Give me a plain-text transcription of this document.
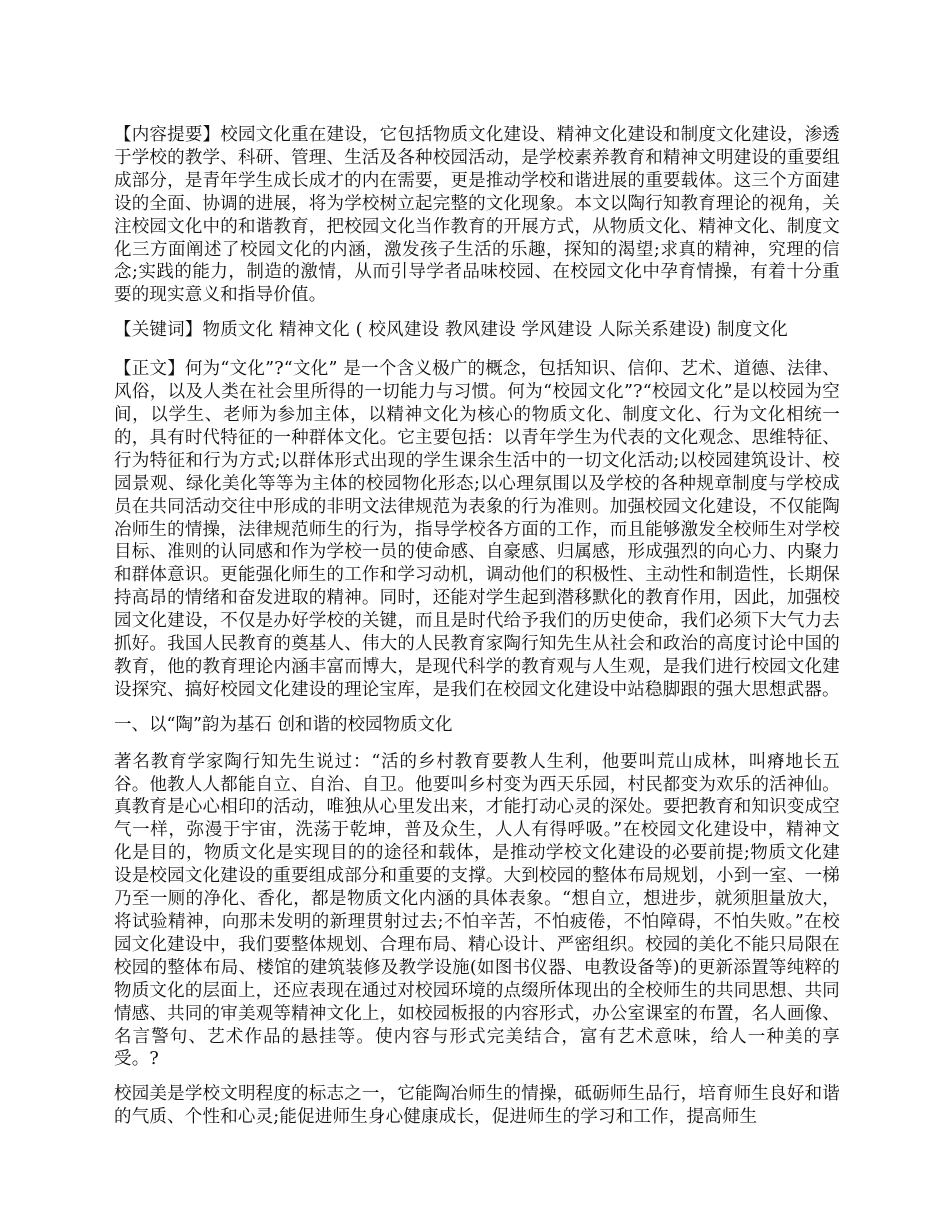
【内容提要】校园文化重在建设，它包括物质文化建设、精神文化建设和制度文化建设，渗透于学校的教学、科研、管理、生活及各种校园活动，是学校素养教育和精神文明建设的重要组成部分，是青年学生成长成才的内在需要，更是推动学校和谐进展的重要载体。这三个方面建设的全面、协调的进展，将为学校树立起完整的文化现象。本文以陶行知教育理论的视角，关注校园文化中的和谐教育，把校园文化当作教育的开展方式，从物质文化、精神文化、制度文化三方面阐述了校园文化的内涵，激发孩子生活的乐趣，探知的渴望;求真的精神，究理的信念;实践的能力，制造的激情，从而引导学者品味校园、在校园文化中孕育情操，有着十分重要的现实意义和指导价值。

【关键词】物质文化 精神文化 ( 校风建设 教风建设 学风建设 人际关系建设) 制度文化

【正文】何为“文化”?“文化” 是一个含义极广的概念，包括知识、信仰、艺术、道德、法律、风俗，以及人类在社会里所得的一切能力与习惯。何为“校园文化”?“校园文化”是以校园为空间，以学生、老师为参加主体，以精神文化为核心的物质文化、制度文化、行为文化相统一的，具有时代特征的一种群体文化。它主要包括：以青年学生为代表的文化观念、思维特征、行为特征和行为方式;以群体形式出现的学生课余生活中的一切文化活动;以校园建筑设计、校园景观、绿化美化等等为主体的校园物化形态;以心理氛围以及学校的各种规章制度与学校成员在共同活动交往中形成的非明文法律规范为表象的行为准则。加强校园文化建设，不仅能陶冶师生的情操，法律规范师生的行为，指导学校各方面的工作，而且能够激发全校师生对学校目标、准则的认同感和作为学校一员的使命感、自豪感、归属感，形成强烈的向心力、内聚力和群体意识。更能强化师生的工作和学习动机，调动他们的积极性、主动性和制造性，长期保持高昂的情绪和奋发进取的精神。同时，还能对学生起到潜移默化的教育作用，因此，加强校园文化建设，不仅是办好学校的关键，而且是时代给予我们的历史使命，我们必须下大气力去抓好。我国人民教育的奠基人、伟大的人民教育家陶行知先生从社会和政治的高度讨论中国的教育，他的教育理论内涵丰富而博大，是现代科学的教育观与人生观，是我们进行校园文化建设探究、搞好校园文化建设的理论宝库，是我们在校园文化建设中站稳脚跟的强大思想武器。

一、以“陶”韵为基石 创和谐的校园物质文化

著名教育学家陶行知先生说过：“活的乡村教育要教人生利，他要叫荒山成林，叫瘠地长五谷。他教人人都能自立、自治、自卫。他要叫乡村变为西天乐园，村民都变为欢乐的活神仙。真教育是心心相印的活动，唯独从心里发出来，才能打动心灵的深处。要把教育和知识变成空气一样，弥漫于宇宙，洗荡于乾坤，普及众生，人人有得呼吸。”在校园文化建设中，精神文化是目的，物质文化是实现目的的途径和载体，是推动学校文化建设的必要前提;物质文化建设是校园文化建设的重要组成部分和重要的支撑。大到校园的整体布局规划，小到一室、一梯乃至一厕的净化、香化，都是物质文化内涵的具体表象。“想自立，想进步，就须胆量放大，将试验精神，向那未发明的新理贯射过去;不怕辛苦，不怕疲倦，不怕障碍，不怕失败。”在校园文化建设中，我们要整体规划、合理布局、精心设计、严密组织。校园的美化不能只局限在校园的整体布局、楼馆的建筑装修及教学设施(如图书仪器、电教设备等)的更新添置等纯粹的物质文化的层面上，还应表现在通过对校园环境的点缀所体现出的全校师生的共同思想、共同情感、共同的审美观等精神文化上，如校园板报的内容形式，办公室课室的布置，名人画像、名言警句、艺术作品的悬挂等。使内容与形式完美结合，富有艺术意味，给人一种美的享受。?

校园美是学校文明程度的标志之一，它能陶冶师生的情操，砥砺师生品行，培育师生良好和谐的气质、个性和心灵;能促进师生身心健康成长，促进师生的学习和工作，提高师生
